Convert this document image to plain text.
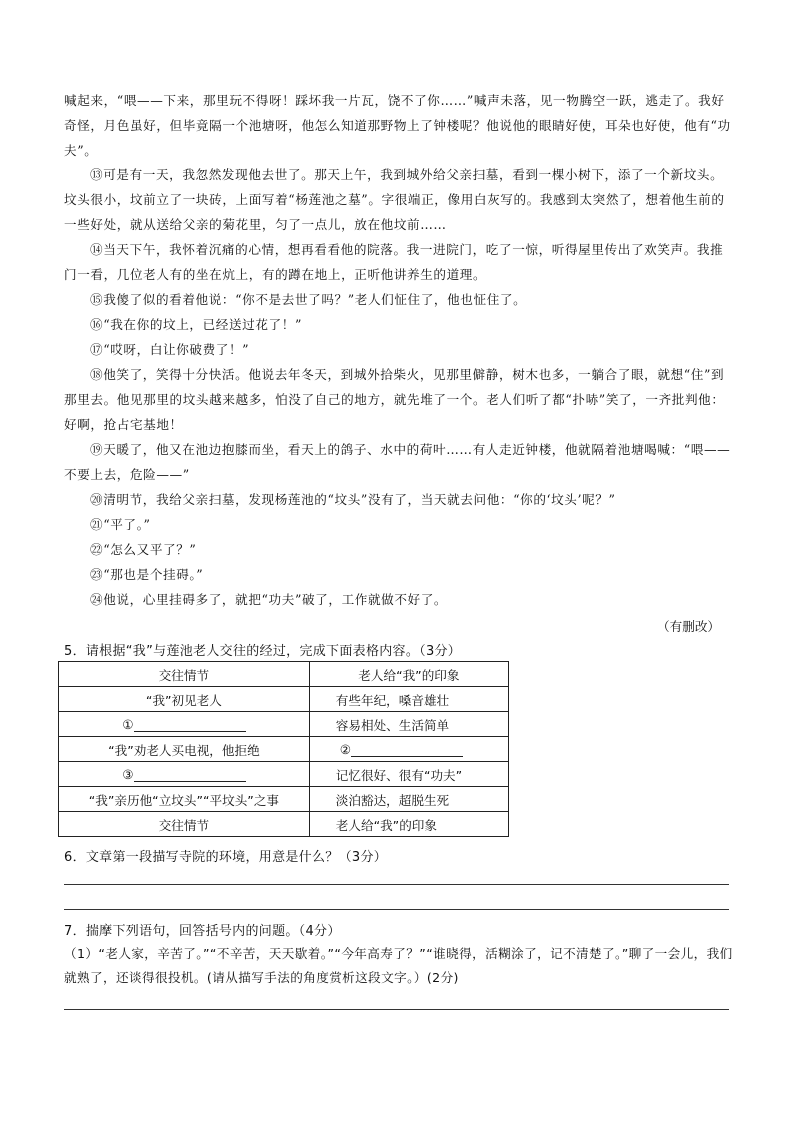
喊起来，“喂——下来，那里玩不得呀！踩坏我一片瓦，饶不了你……”喊声未落，见一物腾空一跃，逃走了。我好奇怪，月色虽好，但毕竟隔一个池塘呀，他怎么知道那野物上了钟楼呢？他说他的眼睛好使，耳朵也好使，他有“功夫”。
⑬可是有一天，我忽然发现他去世了。那天上午，我到城外给父亲扫墓，看到一棵小树下，添了一个新坟头。坟头很小，坟前立了一块砖，上面写着“杨莲池之墓”。字很端正，像用白灰写的。我感到太突然了，想着他生前的一些好处，就从送给父亲的菊花里，匀了一点儿，放在他坟前……
⑭当天下午，我怀着沉痛的心情，想再看看他的院落。我一进院门，吃了一惊，听得屋里传出了欢笑声。我推门一看，几位老人有的坐在炕上，有的蹲在地上，正听他讲养生的道理。
⑮我傻了似的看着他说：“你不是去世了吗？”老人们怔住了，他也怔住了。
⑯“我在你的坟上，已经送过花了！”
⑰“哎呀，白让你破费了！”
⑱他笑了，笑得十分快活。他说去年冬天，到城外拾柴火，见那里僻静，树木也多，一躺合了眼，就想“住”到那里去。他见那里的坟头越来越多，怕没了自己的地方，就先堆了一个。老人们听了都“扑哧”笑了，一齐批判他：好啊，抢占宅基地！
⑲天暖了，他又在池边抱膝而坐，看天上的鸽子、水中的荷叶……有人走近钟楼，他就隔着池塘喝喊：“喂——不要上去，危险——”
⑳清明节，我给父亲扫墓，发现杨莲池的“坟头”没有了，当天就去问他：“你的‘坟头’呢？”
㉑“平了。”
㉒“怎么又平了？”
㉓“那也是个挂碍。”
㉔他说，心里挂碍多了，就把“功夫”破了，工作就做不好了。
（有删改）
5．请根据“我”与莲池老人交往的经过，完成下面表格内容。（3分）
交往情节	老人给“我”的印象
“我”初见老人	有些年纪，嗓音雄壮
①	容易相处、生活简单
“我”劝老人买电视，他拒绝	②
③	记忆很好、很有“功夫”
“我”亲历他“立坟头”“平坟头”之事	淡泊豁达，超脱生死
交往情节	老人给“我”的印象
6．文章第一段描写寺院的环境，用意是什么？（3分）
7．揣摩下列语句，回答括号内的问题。（4分）
（1）“老人家，辛苦了。”“不辛苦，天天歇着。”“今年高寿了？”“谁晓得，活糊涂了，记不清楚了。”聊了一会儿，我们就熟了，还谈得很投机。(请从描写手法的角度赏析这段文字。）(2分)
